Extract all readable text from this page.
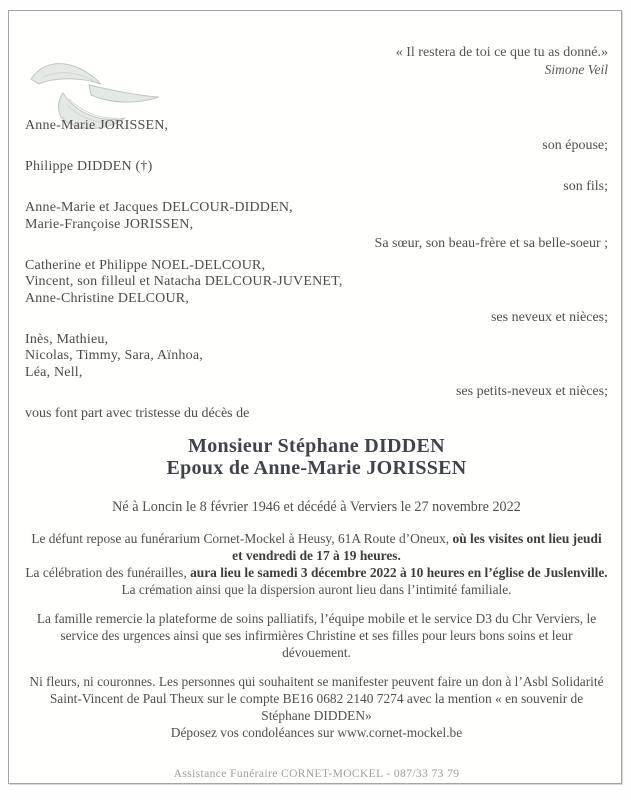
« Il restera de toi ce que tu as donné.»
Simone Veil
Anne-Marie JORISSEN,
son épouse;
Philippe DIDDEN (†)
son fils;
Anne-Marie et Jacques DELCOUR-DIDDEN,
Marie-Françoise JORISSEN,
Sa sœur, son beau-frère et sa belle-soeur ;
Catherine et Philippe NOEL-DELCOUR,
Vincent, son filleul et Natacha DELCOUR-JUVENET,
Anne-Christine DELCOUR,
ses neveux et nièces;
Inès, Mathieu,
Nicolas, Timmy, Sara, Aïnhoa,
Léa, Nell,
ses petits-neveux et nièces;
vous font part avec tristesse du décès de
Monsieur Stéphane DIDDEN
Epoux de Anne-Marie JORISSEN
Né à Loncin le 8 février 1946 et décédé à Verviers le 27 novembre 2022

Le défunt repose au funérarium Cornet-Mockel à Heusy, 61A Route d’Oneux, où les visites ont lieu jeudi et vendredi de 17 à 19 heures.

La célébration des funérailles, aura lieu le samedi 3 décembre 2022 à 10 heures en l’église de Juslenville.

La crémation ainsi que la dispersion auront lieu dans l’intimité familiale.

La famille remercie la plateforme de soins palliatifs, l’équipe mobile et le service D3 du Chr Verviers, le service des urgences ainsi que ses infirmières Christine et ses filles pour leurs bons soins et leur dévouement.

Ni fleurs, ni couronnes. Les personnes qui souhaitent se manifester peuvent faire un don à l’Asbl Solidarité Saint-Vincent de Paul Theux sur le compte BE16 0682 2140 7274 avec la mention « en souvenir de Stéphane DIDDEN»

Déposez vos condoléances sur www.cornet-mockel.be

Assistance Funéraire CORNET-MOCKEL - 087/33 73 79
